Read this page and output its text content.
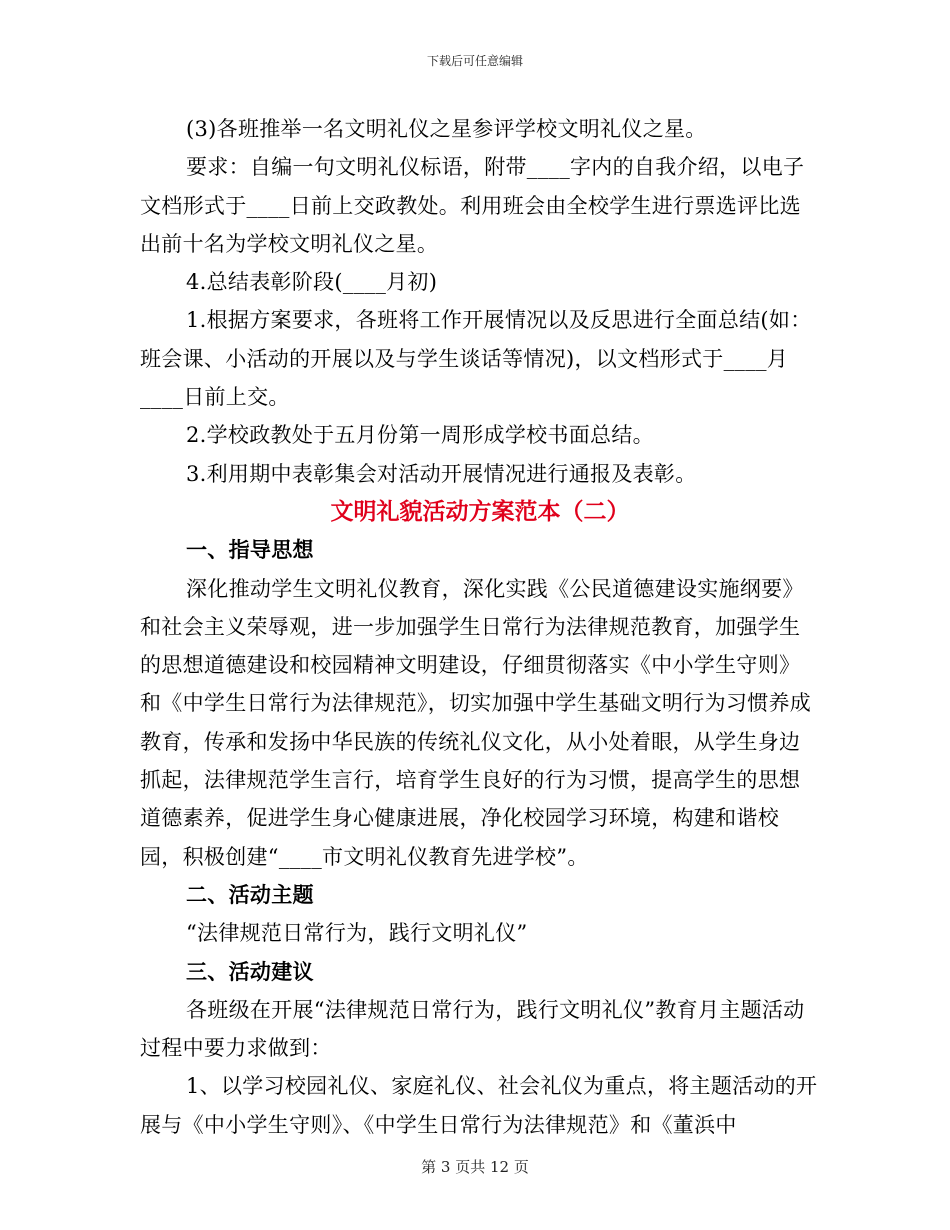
下载后可任意编辑

(3)各班推举一名文明礼仪之星参评学校文明礼仪之星。

要求：自编一句文明礼仪标语，附带____字内的自我介绍，以电子文档形式于____日前上交政教处。利用班会由全校学生进行票选评比选出前十名为学校文明礼仪之星。

4.总结表彰阶段(____月初)

1.根据方案要求，各班将工作开展情况以及反思进行全面总结(如：班会课、小活动的开展以及与学生谈话等情况)，以文档形式于____月____日前上交。

2.学校政教处于五月份第一周形成学校书面总结。

3.利用期中表彰集会对活动开展情况进行通报及表彰。

文明礼貌活动方案范本（二）

一、指导思想

深化推动学生文明礼仪教育，深化实践《公民道德建设实施纲要》和社会主义荣辱观，进一步加强学生日常行为法律规范教育，加强学生的思想道德建设和校园精神文明建设，仔细贯彻落实《中小学生守则》和《中学生日常行为法律规范》，切实加强中学生基础文明行为习惯养成教育，传承和发扬中华民族的传统礼仪文化，从小处着眼，从学生身边抓起，法律规范学生言行，培育学生良好的行为习惯，提高学生的思想道德素养，促进学生身心健康进展，净化校园学习环境，构建和谐校园，积极创建“____市文明礼仪教育先进学校”。

二、活动主题

“法律规范日常行为，践行文明礼仪”

三、活动建议

各班级在开展“法律规范日常行为，践行文明礼仪”教育月主题活动过程中要力求做到：

1、以学习校园礼仪、家庭礼仪、社会礼仪为重点，将主题活动的开展与《中小学生守则》、《中学生日常行为法律规范》和《董浜中

第 3 页共 12 页
